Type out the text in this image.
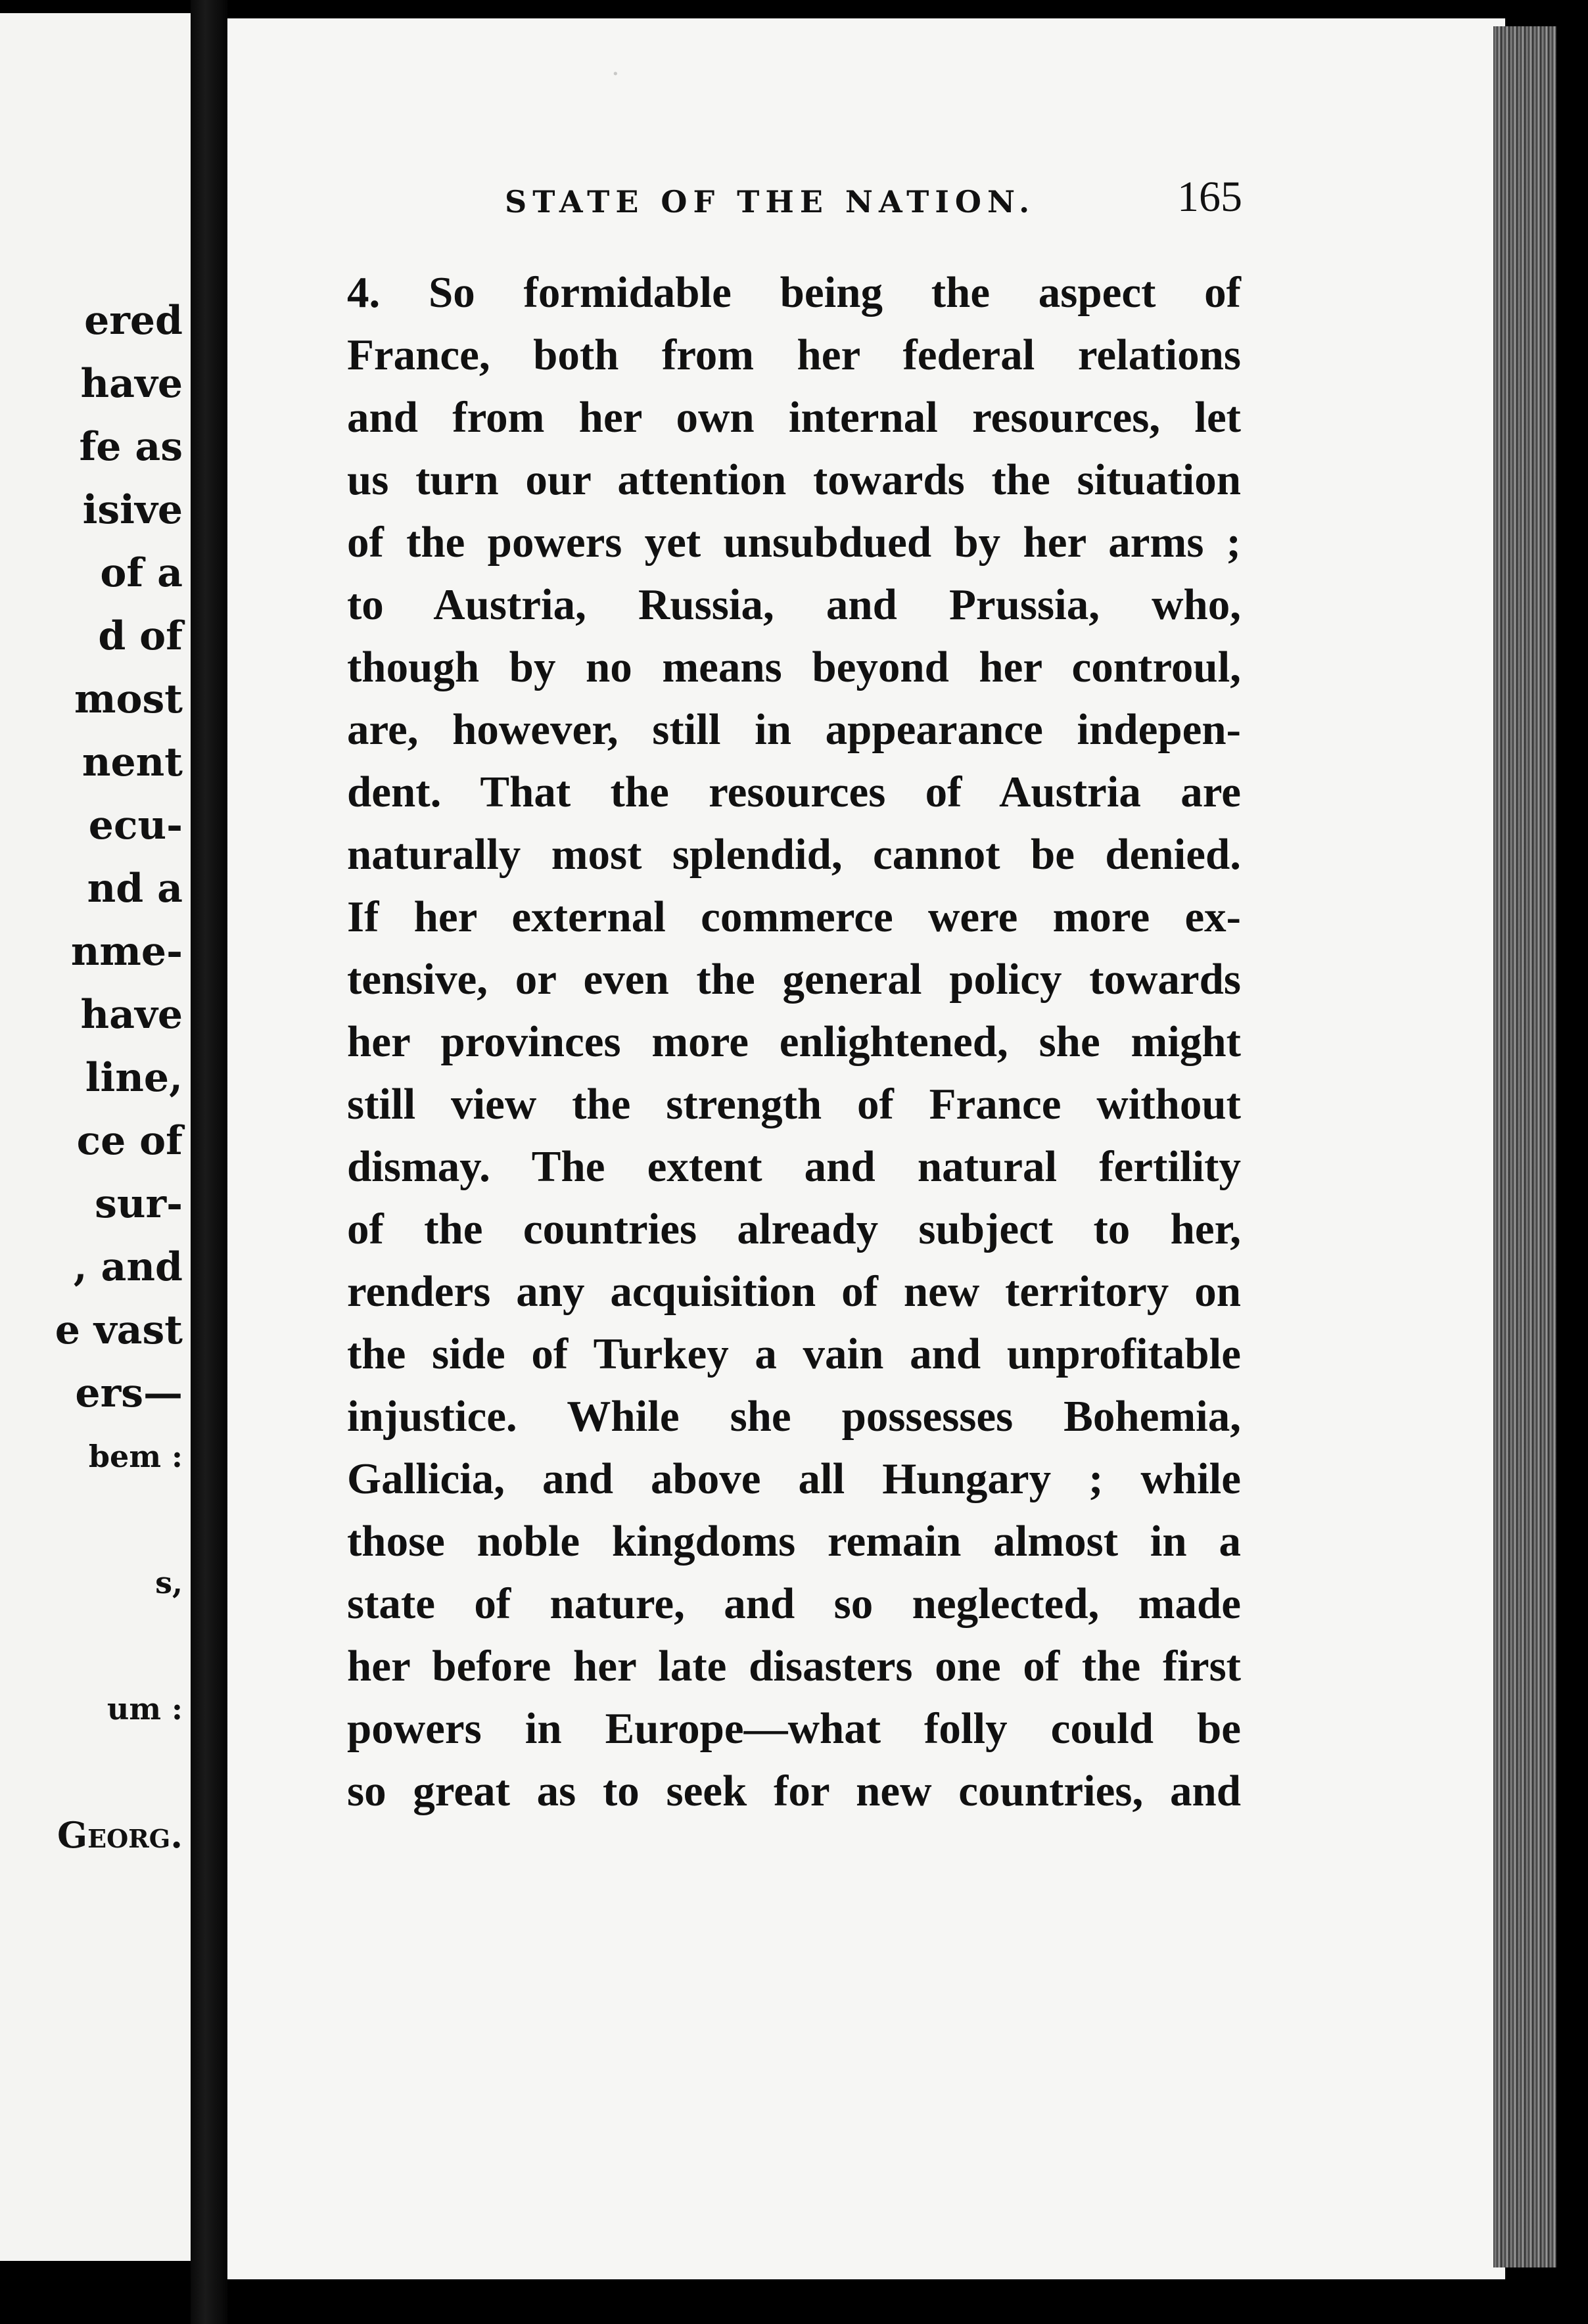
ered
have
fe as
isive
of a
d of
most
nent
ecu-
nd a
nme-
have
line,
ce of
sur-
, and
e vast
ers—
bem :
s,
um :
Georg.
·
STATE OF THE NATION.	165
4. So formidable being the aspect of
France, both from her federal relations
and from her own internal resources, let
us turn our attention towards the situation
of the powers yet unsubdued by her arms ;
to Austria, Russia, and Prussia, who,
though by no means beyond her controul,
are, however, still in appearance indepen-
dent. That the resources of Austria are
naturally most splendid, cannot be denied.
If her external commerce were more ex-
tensive, or even the general policy towards
her provinces more enlightened, she might
still view the strength of France without
dismay. The extent and natural fertility
of the countries already subject to her,
renders any acquisition of new territory on
the side of Turkey a vain and unprofitable
injustice. While she possesses Bohemia,
Gallicia, and above all Hungary ; while
those noble kingdoms remain almost in a
state of nature, and so neglected, made
her before her late disasters one of the first
powers in Europe—what folly could be
so great as to seek for new countries, and
